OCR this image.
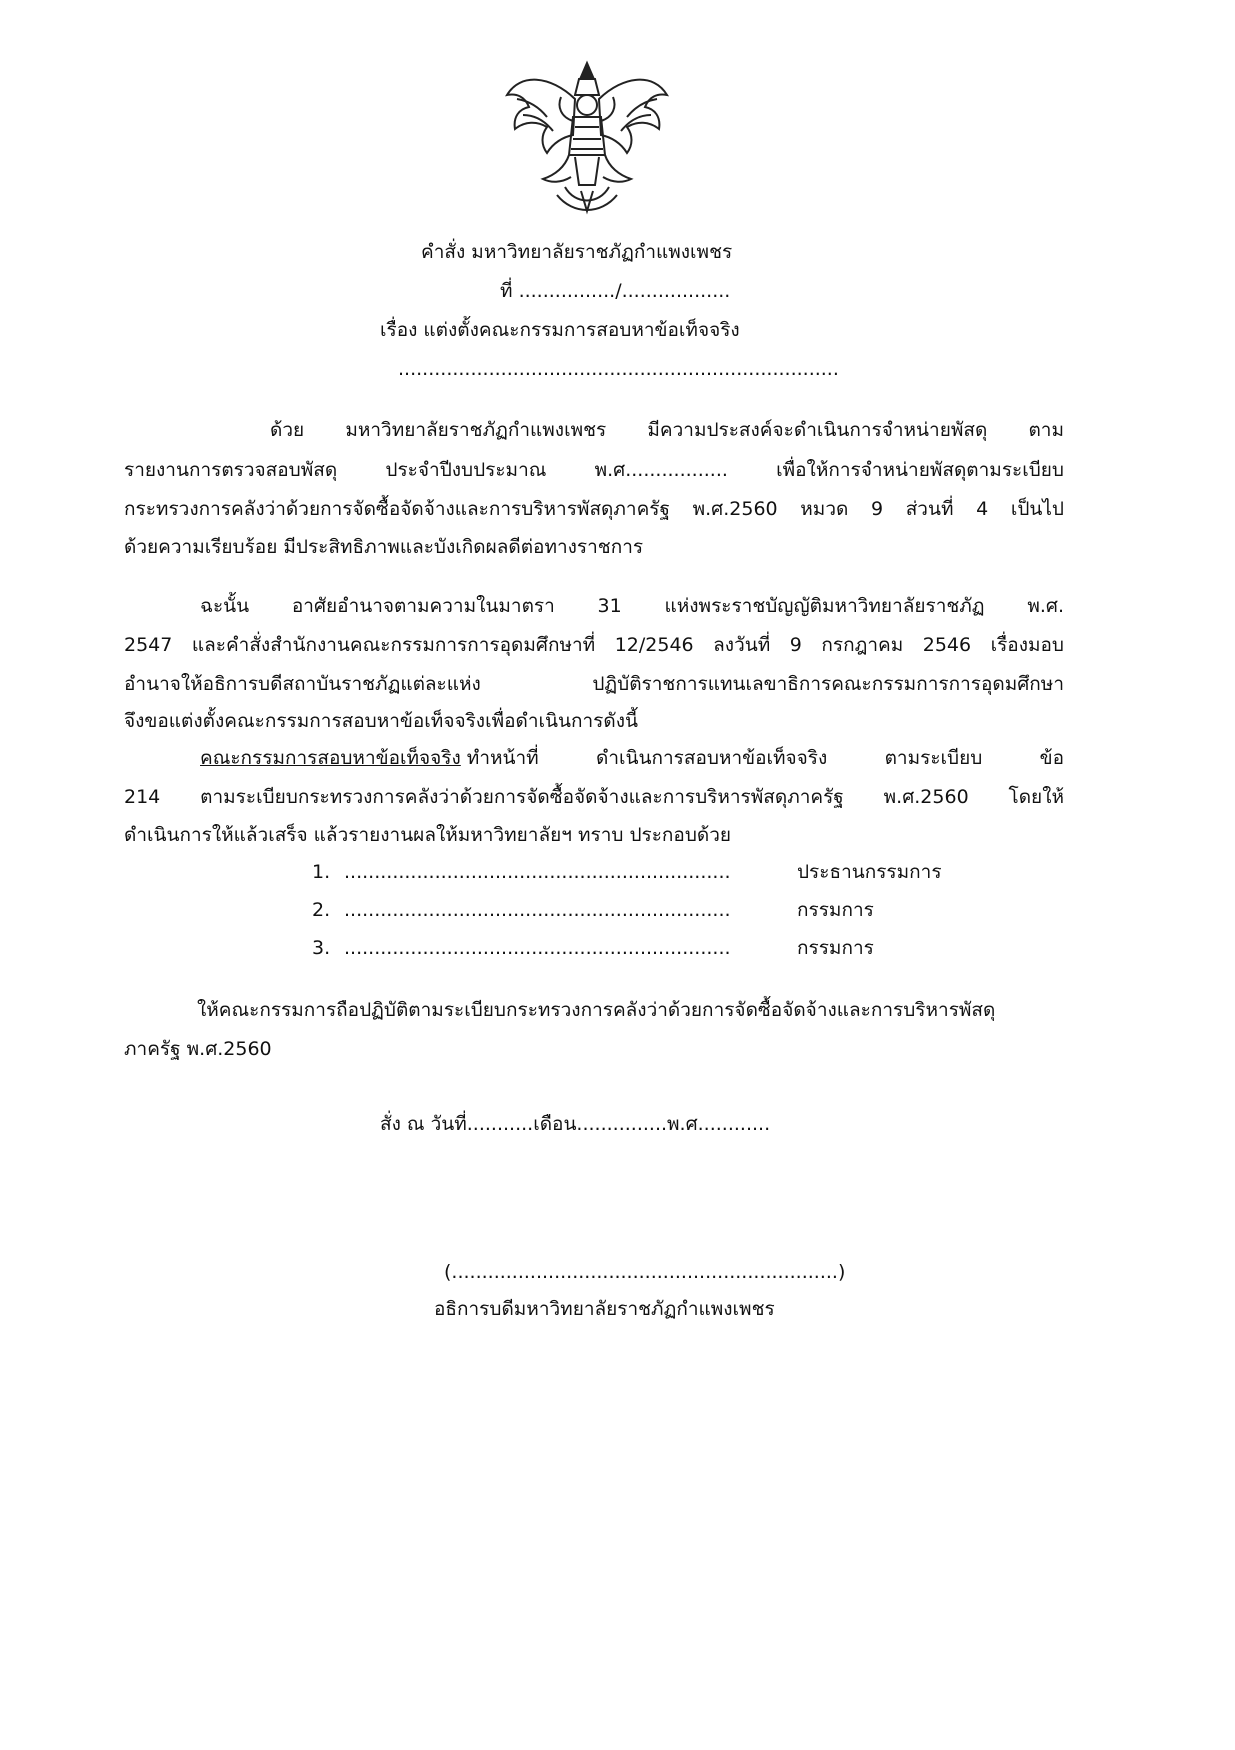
คำสั่ง มหาวิทยาลัยราชภัฏกำแพงเพชร
ที่ ................/..................
เรื่อง แต่งตั้งคณะกรรมการสอบหาข้อเท็จจริง
.........................................................................
ด้วย มหาวิทยาลัยราชภัฏกำแพงเพชร มีความประสงค์จะดำเนินการจำหน่ายพัสดุ ตาม
รายงานการตรวจสอบพัสดุ ประจำปีงบประมาณ พ.ศ................. เพื่อให้การจำหน่ายพัสดุตามระเบียบ
กระทรวงการคลังว่าด้วยการจัดซื้อจัดจ้างและการบริหารพัสดุภาครัฐ พ.ศ.2560 หมวด 9 ส่วนที่ 4 เป็นไป
ด้วยความเรียบร้อย มีประสิทธิภาพและบังเกิดผลดีต่อทางราชการ
ฉะนั้น อาศัยอำนาจตามความในมาตรา 31 แห่งพระราชบัญญัติมหาวิทยาลัยราชภัฏ พ.ศ.
2547 และคำสั่งสำนักงานคณะกรรมการการอุดมศึกษาที่ 12/2546 ลงวันที่ 9 กรกฎาคม 2546 เรื่องมอบ
อำนาจให้อธิการบดีสถาบันราชภัฏแต่ละแห่ง ปฏิบัติราชการแทนเลขาธิการคณะกรรมการการอุดมศึกษา
จึงขอแต่งตั้งคณะกรรมการสอบหาข้อเท็จจริงเพื่อดำเนินการดังนี้
คณะกรรมการสอบหาข้อเท็จจริง ทำหน้าที่ ดำเนินการสอบหาข้อเท็จจริง ตามระเบียบ ข้อ
214 ตามระเบียบกระทรวงการคลังว่าด้วยการจัดซื้อจัดจ้างและการบริหารพัสดุภาครัฐ พ.ศ.2560 โดยให้
ดำเนินการให้แล้วเสร็จ แล้วรายงานผลให้มหาวิทยาลัยฯ ทราบ ประกอบด้วย
1. ................................................................	ประธานกรรมการ
2. ................................................................	กรรมการ
3. ................................................................	กรรมการ
ให้คณะกรรมการถือปฏิบัติตามระเบียบกระทรวงการคลังว่าด้วยการจัดซื้อจัดจ้างและการบริหารพัสดุ
ภาครัฐ พ.ศ.2560
สั่ง ณ วันที่...........เดือน...............พ.ศ............
(................................................................)
อธิการบดีมหาวิทยาลัยราชภัฏกำแพงเพชร
